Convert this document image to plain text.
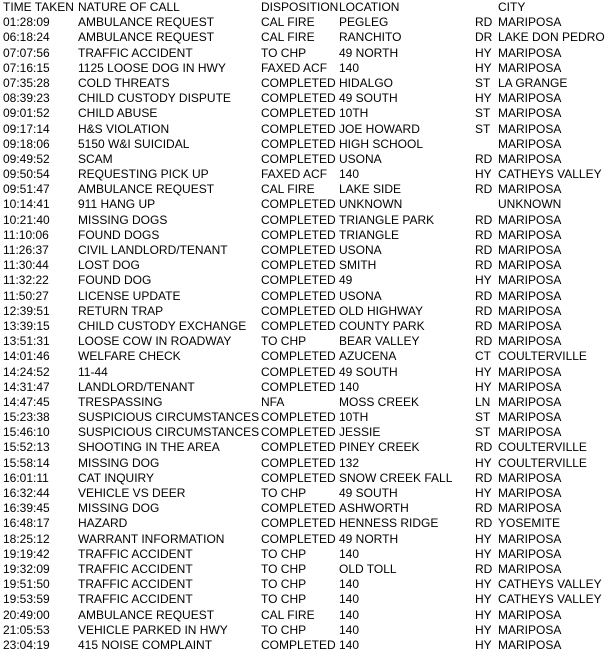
TIME TAKEN NATURE OF CALL	DISPOSITION LOCATION	CITY
01:28:09 AMBULANCE REQUEST	CAL FIRE PEGLEG	RD MARIPOSA
06:18:24 AMBULANCE REQUEST	CAL FIRE RANCHITO	DR LAKE DON PEDRO
07:07:56 TRAFFIC ACCIDENT	TO CHP	49 NORTH	HY MARIPOSA
07:16:15 1125 LOOSE DOG IN HWY	FAXED ACF 140	HY MARIPOSA
07:35:28 COLD THREATS	COMPLETED HIDALGO	ST LA GRANGE
08:39:23 CHILD CUSTODY DISPUTE	COMPLETED 49 SOUTH	HY MARIPOSA
09:01:52 CHILD ABUSE	COMPLETED 10TH	ST MARIPOSA
09:17:14 H&S VIOLATION	COMPLETED JOE HOWARD	ST MARIPOSA
09:18:06 5150 W&I SUICIDAL	COMPLETED HIGH SCHOOL	MARIPOSA
09:49:52 SCAM	COMPLETED USONA	RD MARIPOSA
09:50:54 REQUESTING PICK UP	FAXED ACF 140	HY CATHEYS VALLEY
09:51:47 AMBULANCE REQUEST	CAL FIRE LAKE SIDE	RD MARIPOSA
10:14:41 911 HANG UP	COMPLETED UNKNOWN	UNKNOWN
10:21:40 MISSING DOGS	COMPLETED TRIANGLE PARK	RD MARIPOSA
11:10:06 FOUND DOGS	COMPLETED TRIANGLE	RD MARIPOSA
11:26:37 CIVIL LANDLORD/TENANT	COMPLETED USONA	RD MARIPOSA
11:30:44 LOST DOG	COMPLETED SMITH	RD MARIPOSA
11:32:22 FOUND DOG	COMPLETED 49	HY MARIPOSA
11:50:27 LICENSE UPDATE	COMPLETED USONA	RD MARIPOSA
12:39:51 RETURN TRAP	COMPLETED OLD HIGHWAY	RD MARIPOSA
13:39:15 CHILD CUSTODY EXCHANGE COMPLETED COUNTY PARK	RD MARIPOSA
13:51:31 LOOSE COW IN ROADWAY TO CHP	BEAR VALLEY	RD MARIPOSA
14:01:46 WELFARE CHECK	COMPLETED AZUCENA	CT COULTERVILLE
14:24:52 11-44	COMPLETED 49 SOUTH	HY MARIPOSA
14:31:47 LANDLORD/TENANT	COMPLETED 140	HY MARIPOSA
14:47:45 TRESPASSING	NFA	MOSS CREEK	LN MARIPOSA
15:23:38 SUSPICIOUS CIRCUMSTANCES COMPLETED 10TH	ST MARIPOSA
15:46:10 SUSPICIOUS CIRCUMSTANCES COMPLETED JESSIE	ST MARIPOSA
15:52:13 SHOOTING IN THE AREA	COMPLETED PINEY CREEK	RD COULTERVILLE
15:58:14 MISSING DOG	COMPLETED 132	HY COULTERVILLE
16:01:11 CAT INQUIRY	COMPLETED SNOW CREEK FALL RD MARIPOSA
16:32:44 VEHICLE VS DEER	TO CHP	49 SOUTH	HY MARIPOSA
16:39:45 MISSING DOG	COMPLETED ASHWORTH	RD MARIPOSA
16:48:17 HAZARD	COMPLETED HENNESS RIDGE	RD YOSEMITE
18:25:12 WARRANT INFORMATION	COMPLETED 49 NORTH	HY MARIPOSA
19:19:42 TRAFFIC ACCIDENT	TO CHP	140	HY MARIPOSA
19:32:09 TRAFFIC ACCIDENT	TO CHP	OLD TOLL	RD MARIPOSA
19:51:50 TRAFFIC ACCIDENT	TO CHP	140	HY CATHEYS VALLEY
19:53:59 TRAFFIC ACCIDENT	TO CHP	140	HY CATHEYS VALLEY
20:49:00 AMBULANCE REQUEST	CAL FIRE 140	HY MARIPOSA
21:05:53 VEHICLE PARKED IN HWY	TO CHP	140	HY MARIPOSA
23:04:19 415 NOISE COMPLAINT	COMPLETED 140	HY MARIPOSA
